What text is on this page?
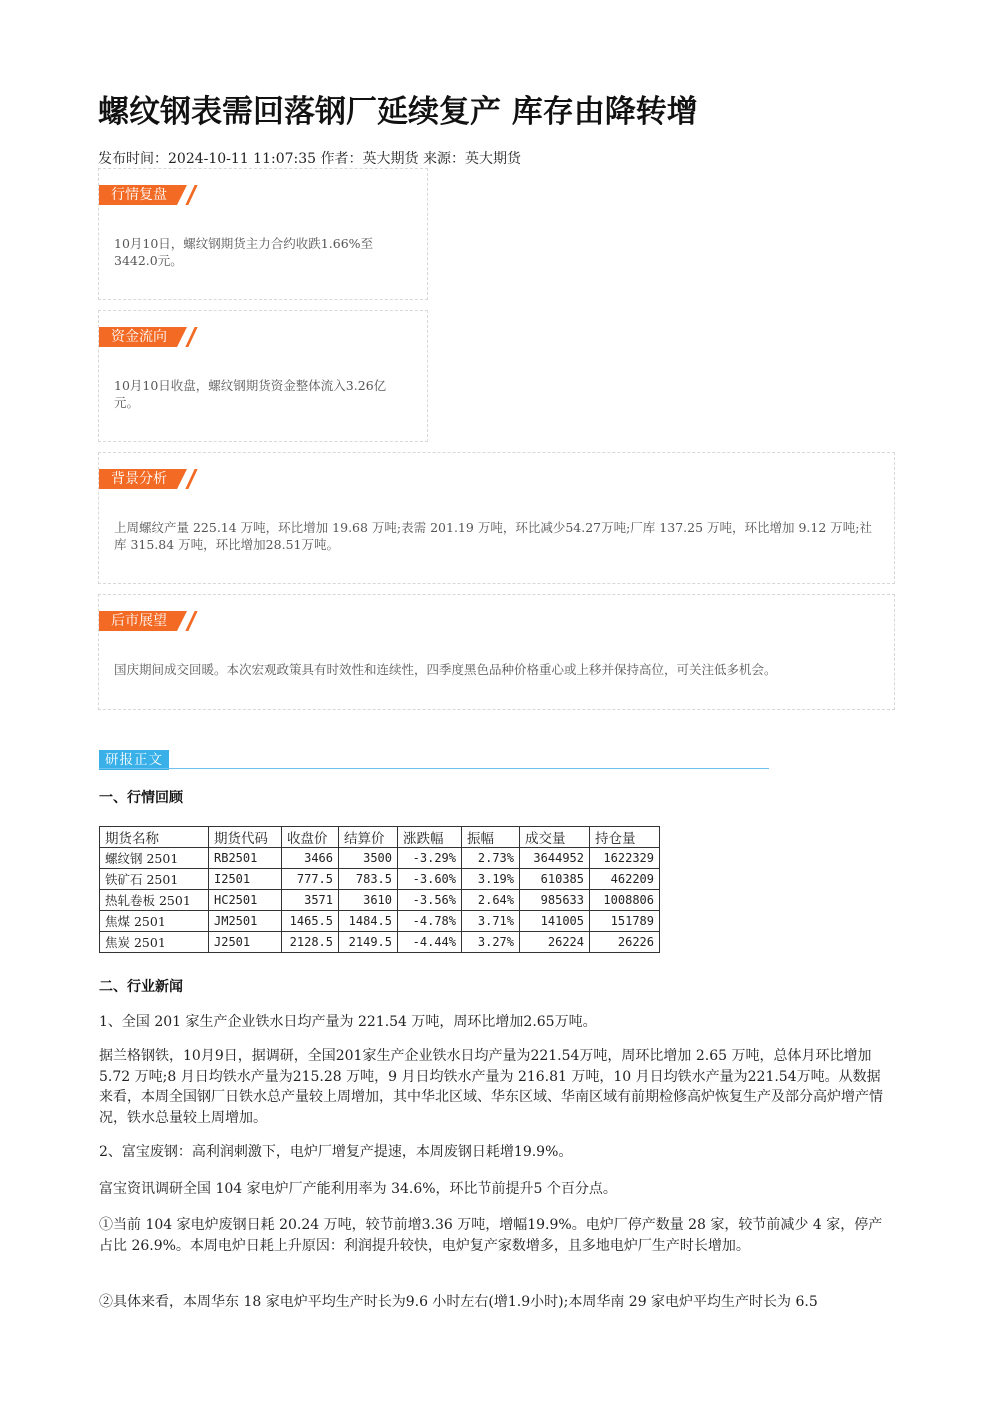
螺纹钢表需回落钢厂延续复产 库存由降转增
发布时间：2024-10-11 11:07:35 作者：英大期货 来源：英大期货
行情复盘
10月10日，螺纹钢期货主力合约收跌1.66%至3442.0元。
资金流向
10月10日收盘，螺纹钢期货资金整体流入3.26亿元。
背景分析
上周螺纹产量 225.14 万吨，环比增加 19.68 万吨;表需 201.19 万吨，环比减少54.27万吨;厂库 137.25 万吨，环比增加 9.12 万吨;社库 315.84 万吨，环比增加28.51万吨。
后市展望
国庆期间成交回暖。本次宏观政策具有时效性和连续性，四季度黑色品种价格重心或上移并保持高位，可关注低多机会。
研报正文
一、行情回顾
期货名称	期货代码	收盘价	结算价	涨跌幅	振幅	成交量	持仓量
螺纹钢 2501	RB2501	3466	3500	-3.29%	2.73%	3644952	1622329
铁矿石 2501	I2501	777.5	783.5	-3.60%	3.19%	610385	462209
热轧卷板 2501	HC2501	3571	3610	-3.56%	2.64%	985633	1008806
焦煤 2501	JM2501	1465.5	1484.5	-4.78%	3.71%	141005	151789
焦炭 2501	J2501	2128.5	2149.5	-4.44%	3.27%	26224	26226
二、行业新闻
1、全国 201 家生产企业铁水日均产量为 221.54 万吨，周环比增加2.65万吨。
据兰格钢铁，10月9日，据调研，全国201家生产企业铁水日均产量为221.54万吨，周环比增加 2.65 万吨，总体月环比增加 5.72 万吨;8 月日均铁水产量为215.28 万吨，9 月日均铁水产量为 216.81 万吨，10 月日均铁水产量为221.54万吨。从数据来看，本周全国钢厂日铁水总产量较上周增加，其中华北区域、华东区域、华南区域有前期检修高炉恢复生产及部分高炉增产情况，铁水总量较上周增加。
2、富宝废钢：高利润刺激下，电炉厂增复产提速，本周废钢日耗增19.9%。
富宝资讯调研全国 104 家电炉厂产能利用率为 34.6%，环比节前提升5 个百分点。
①当前 104 家电炉废钢日耗 20.24 万吨，较节前增3.36 万吨，增幅19.9%。电炉厂停产数量 28 家，较节前减少 4 家，停产占比 26.9%。本周电炉日耗上升原因：利润提升较快，电炉复产家数增多，且多地电炉厂生产时长增加。
②具体来看，本周华东 18 家电炉平均生产时长为9.6 小时左右(增1.9小时);本周华南 29 家电炉平均生产时长为 6.5
